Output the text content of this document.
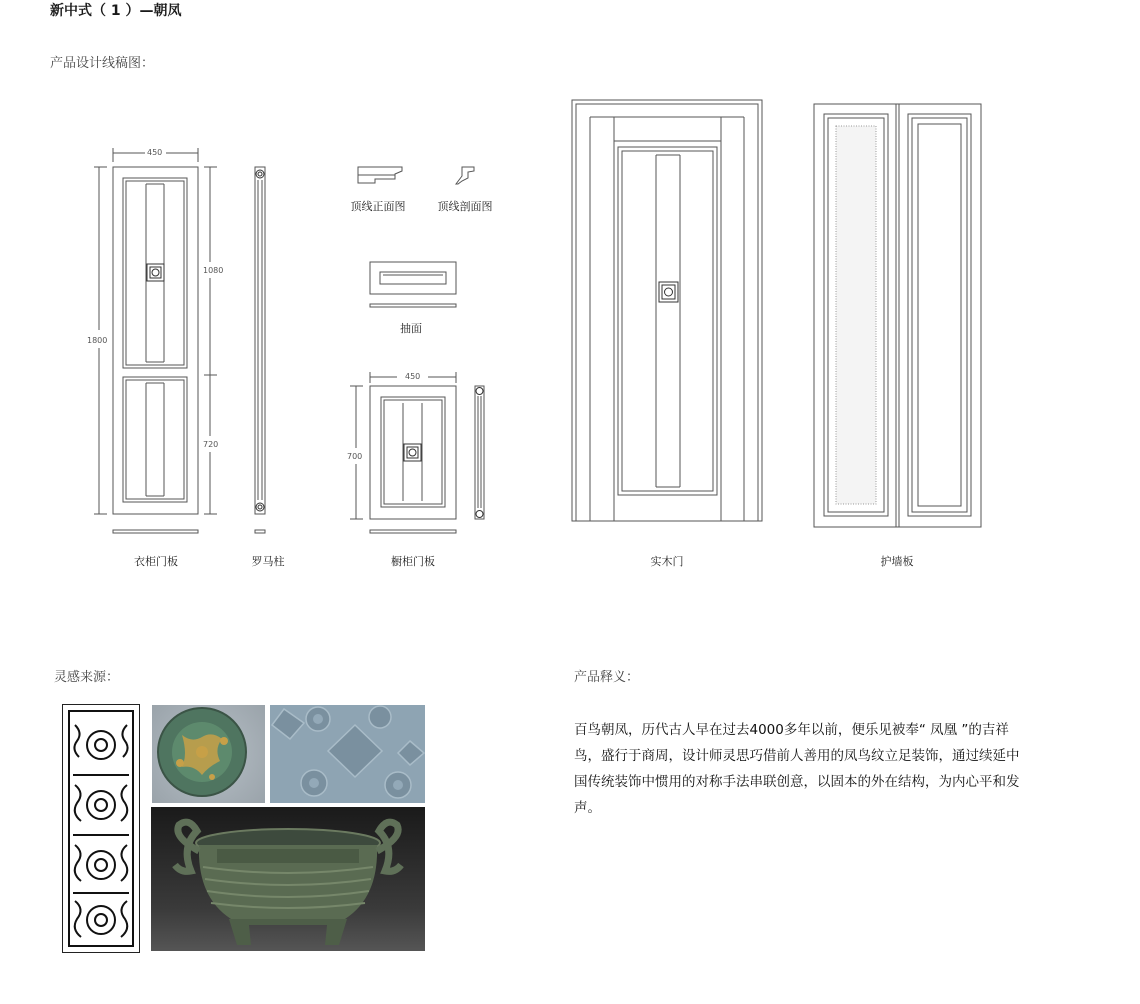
新中式（ 1 ）—朝凤
产品设计线稿图：
灵感来源：	产品释义：
450
1800
1080
720
450
700
衣柜门板	罗马柱	橱柜门板
顶线正面图	顶线剖面图
抽面
实木门	护墙板
百鸟朝凤，历代古人早在过去4000多年以前，便乐见被奉“ 凤凰 ”的吉祥鸟，盛行于商周，设计师灵思巧借前人善用的凤鸟纹立足装饰，通过续延中国传统装饰中惯用的对称手法串联创意，以固本的外在结构，为内心平和发声。
